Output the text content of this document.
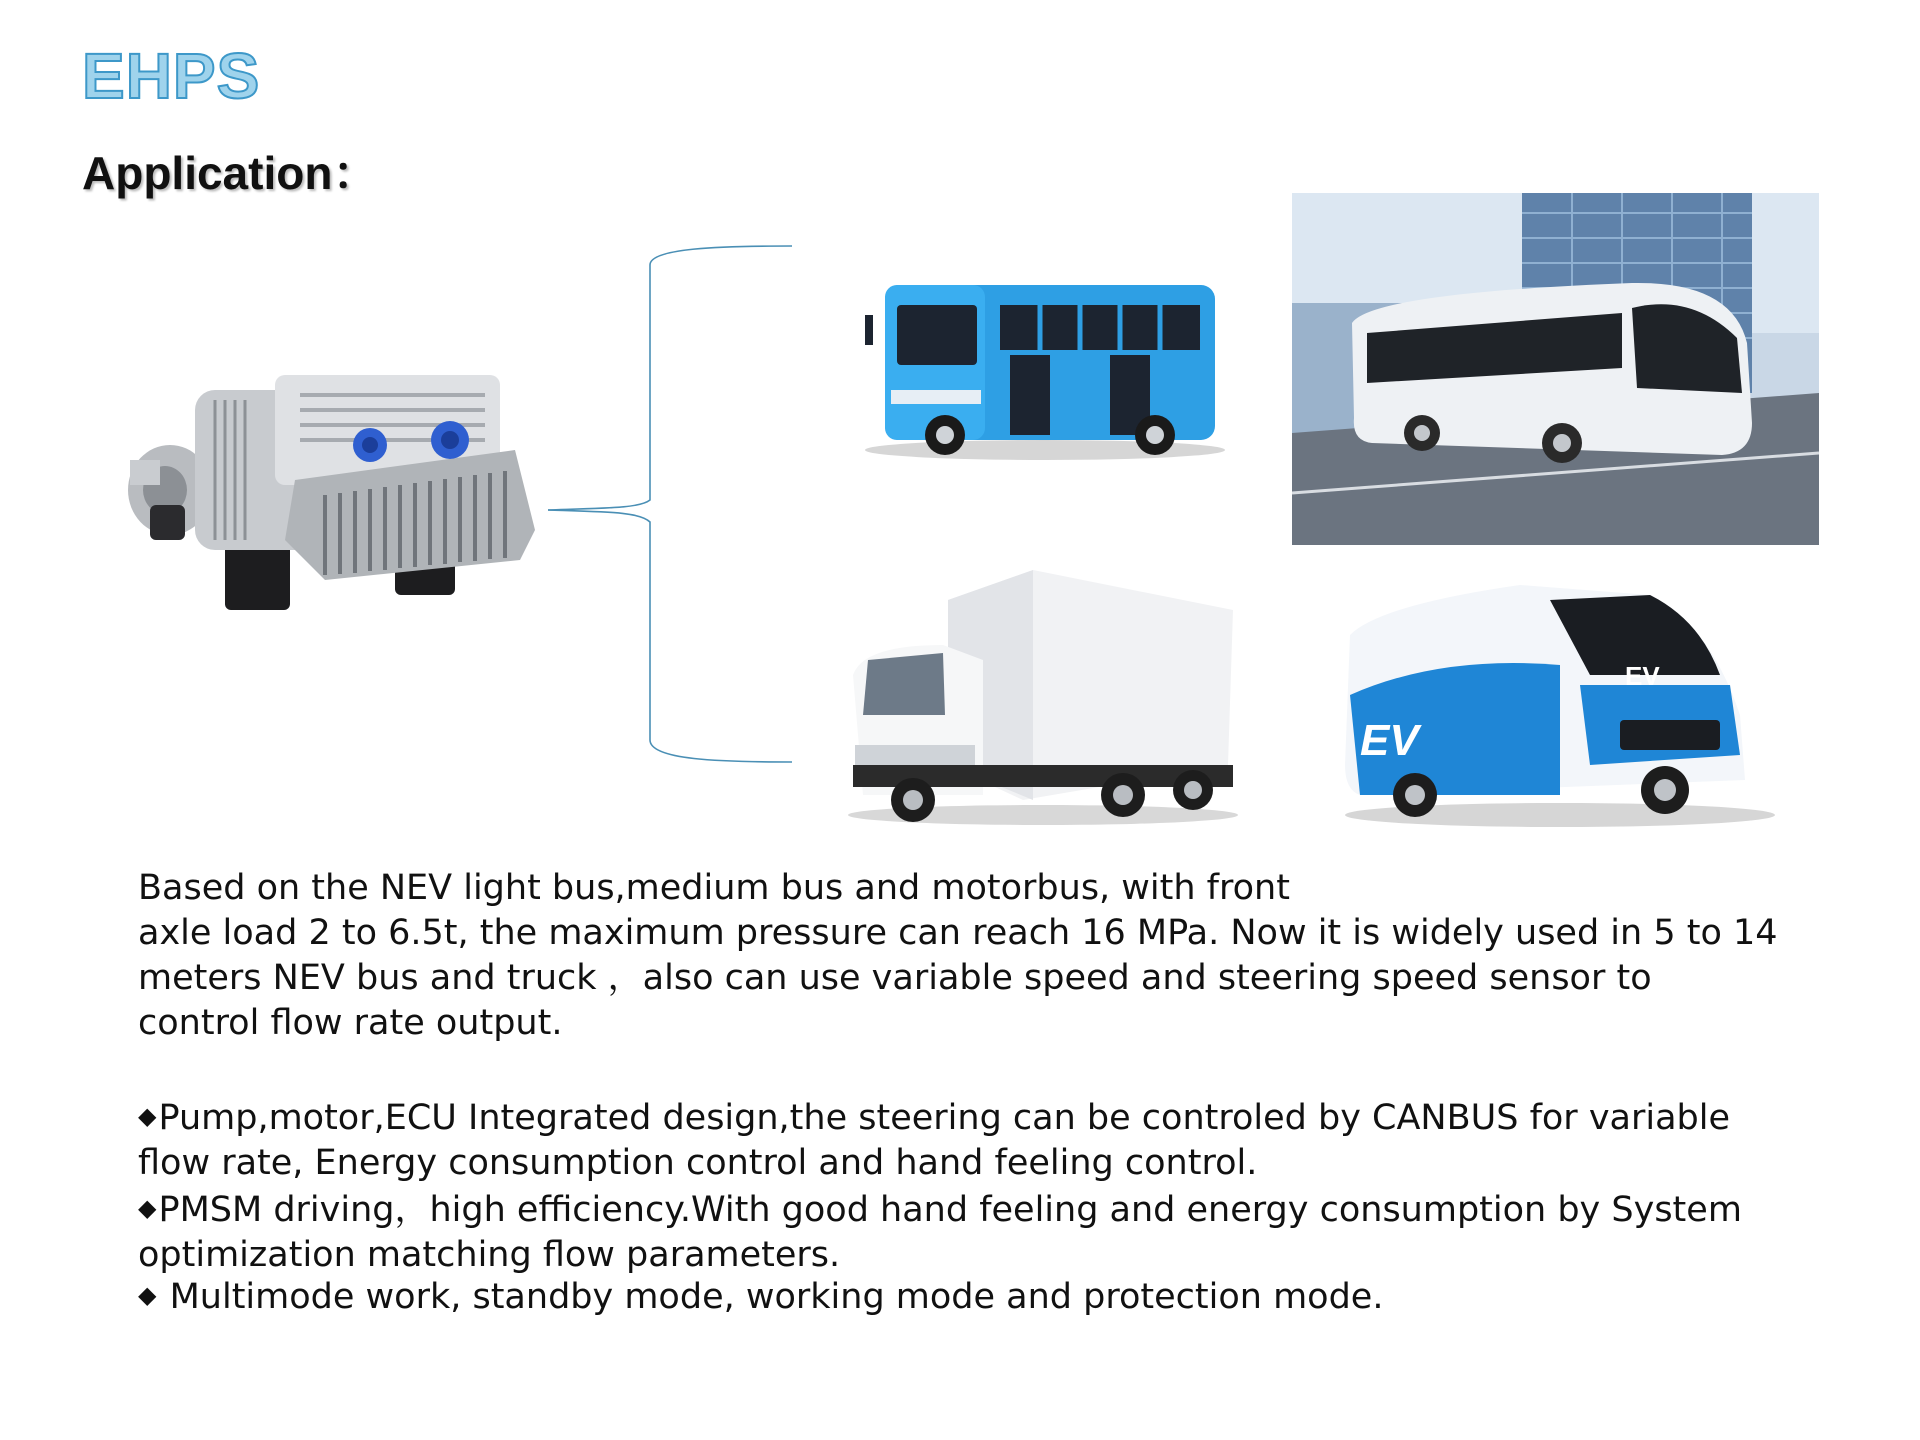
EHPS
Application：
EV
EV

Based on the NEV light bus,medium bus and motorbus, with front

axle load 2 to 6.5t, the maximum pressure can reach 16 MPa. Now it is widely used in 5 to 14 meters NEV bus and truck ，also can use variable speed and steering speed sensor to control flow rate output.

◆Pump,motor,ECU Integrated design,the steering can be controled by CANBUS for variable flow rate, Energy consumption control and hand feeling control.

◆PMSM driving，high efficiency.With good hand feeling and energy consumption by System optimization matching flow parameters.

◆ Multimode work, standby mode, working mode and protection mode.
